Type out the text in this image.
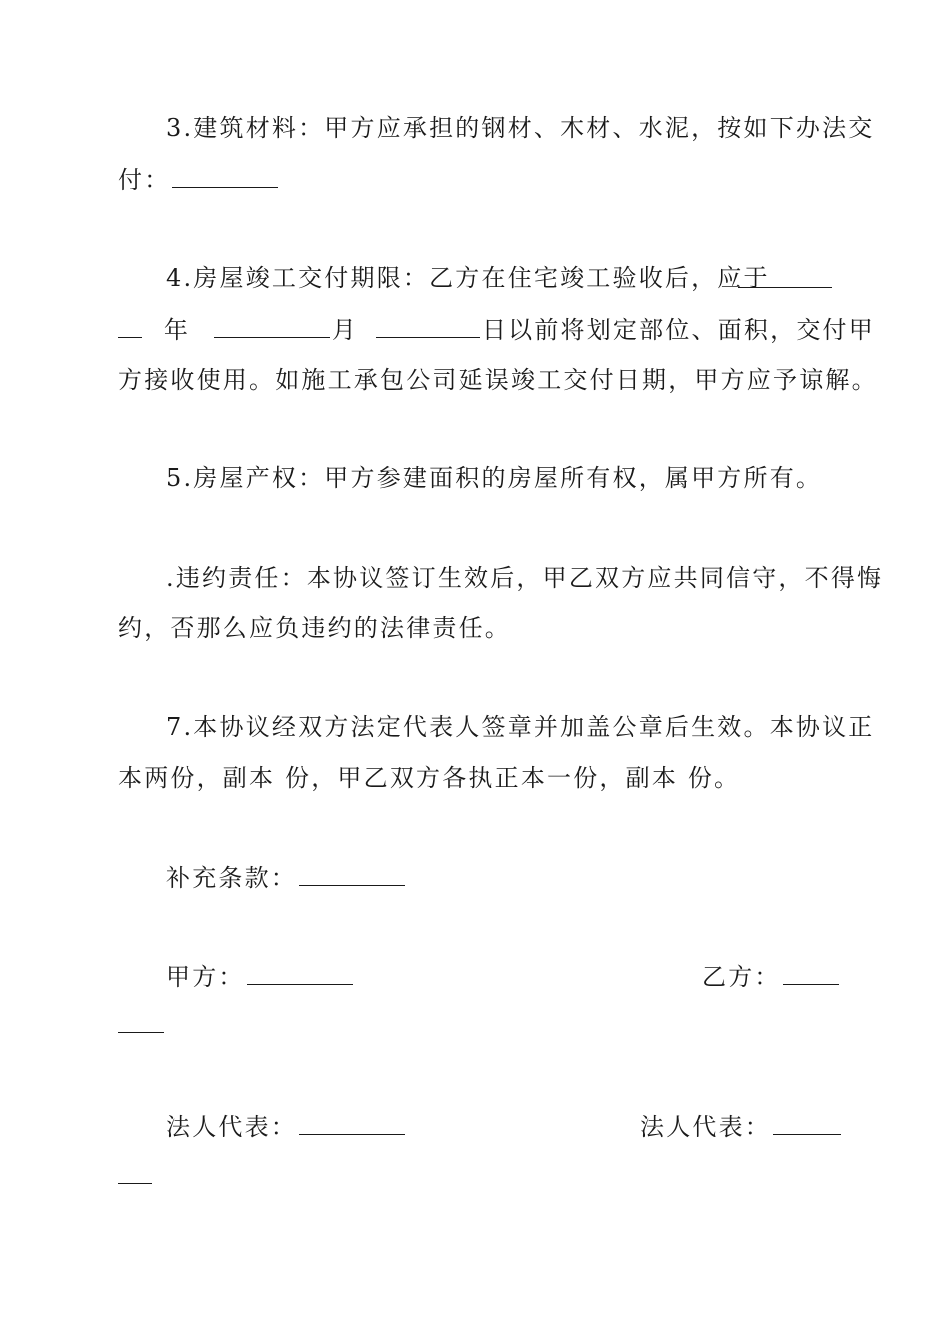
3.建筑材料：甲方应承担的钢材、木材、水泥，按如下办法交
付：
4.房屋竣工交付期限：乙方在住宅竣工验收后，应于
年	月	日以前将划定部位、面积，交付甲
方接收使用。如施工承包公司延误竣工交付日期，甲方应予谅解。
5.房屋产权：甲方参建面积的房屋所有权，属甲方所有。
.违约责任：本协议签订生效后，甲乙双方应共同信守，不得悔
约，否那么应负违约的法律责任。
7.本协议经双方法定代表人签章并加盖公章后生效。本协议正
本两份，副本 份，甲乙双方各执正本一份，副本 份。
补充条款：
甲方：	乙方：
法人代表：	法人代表：
